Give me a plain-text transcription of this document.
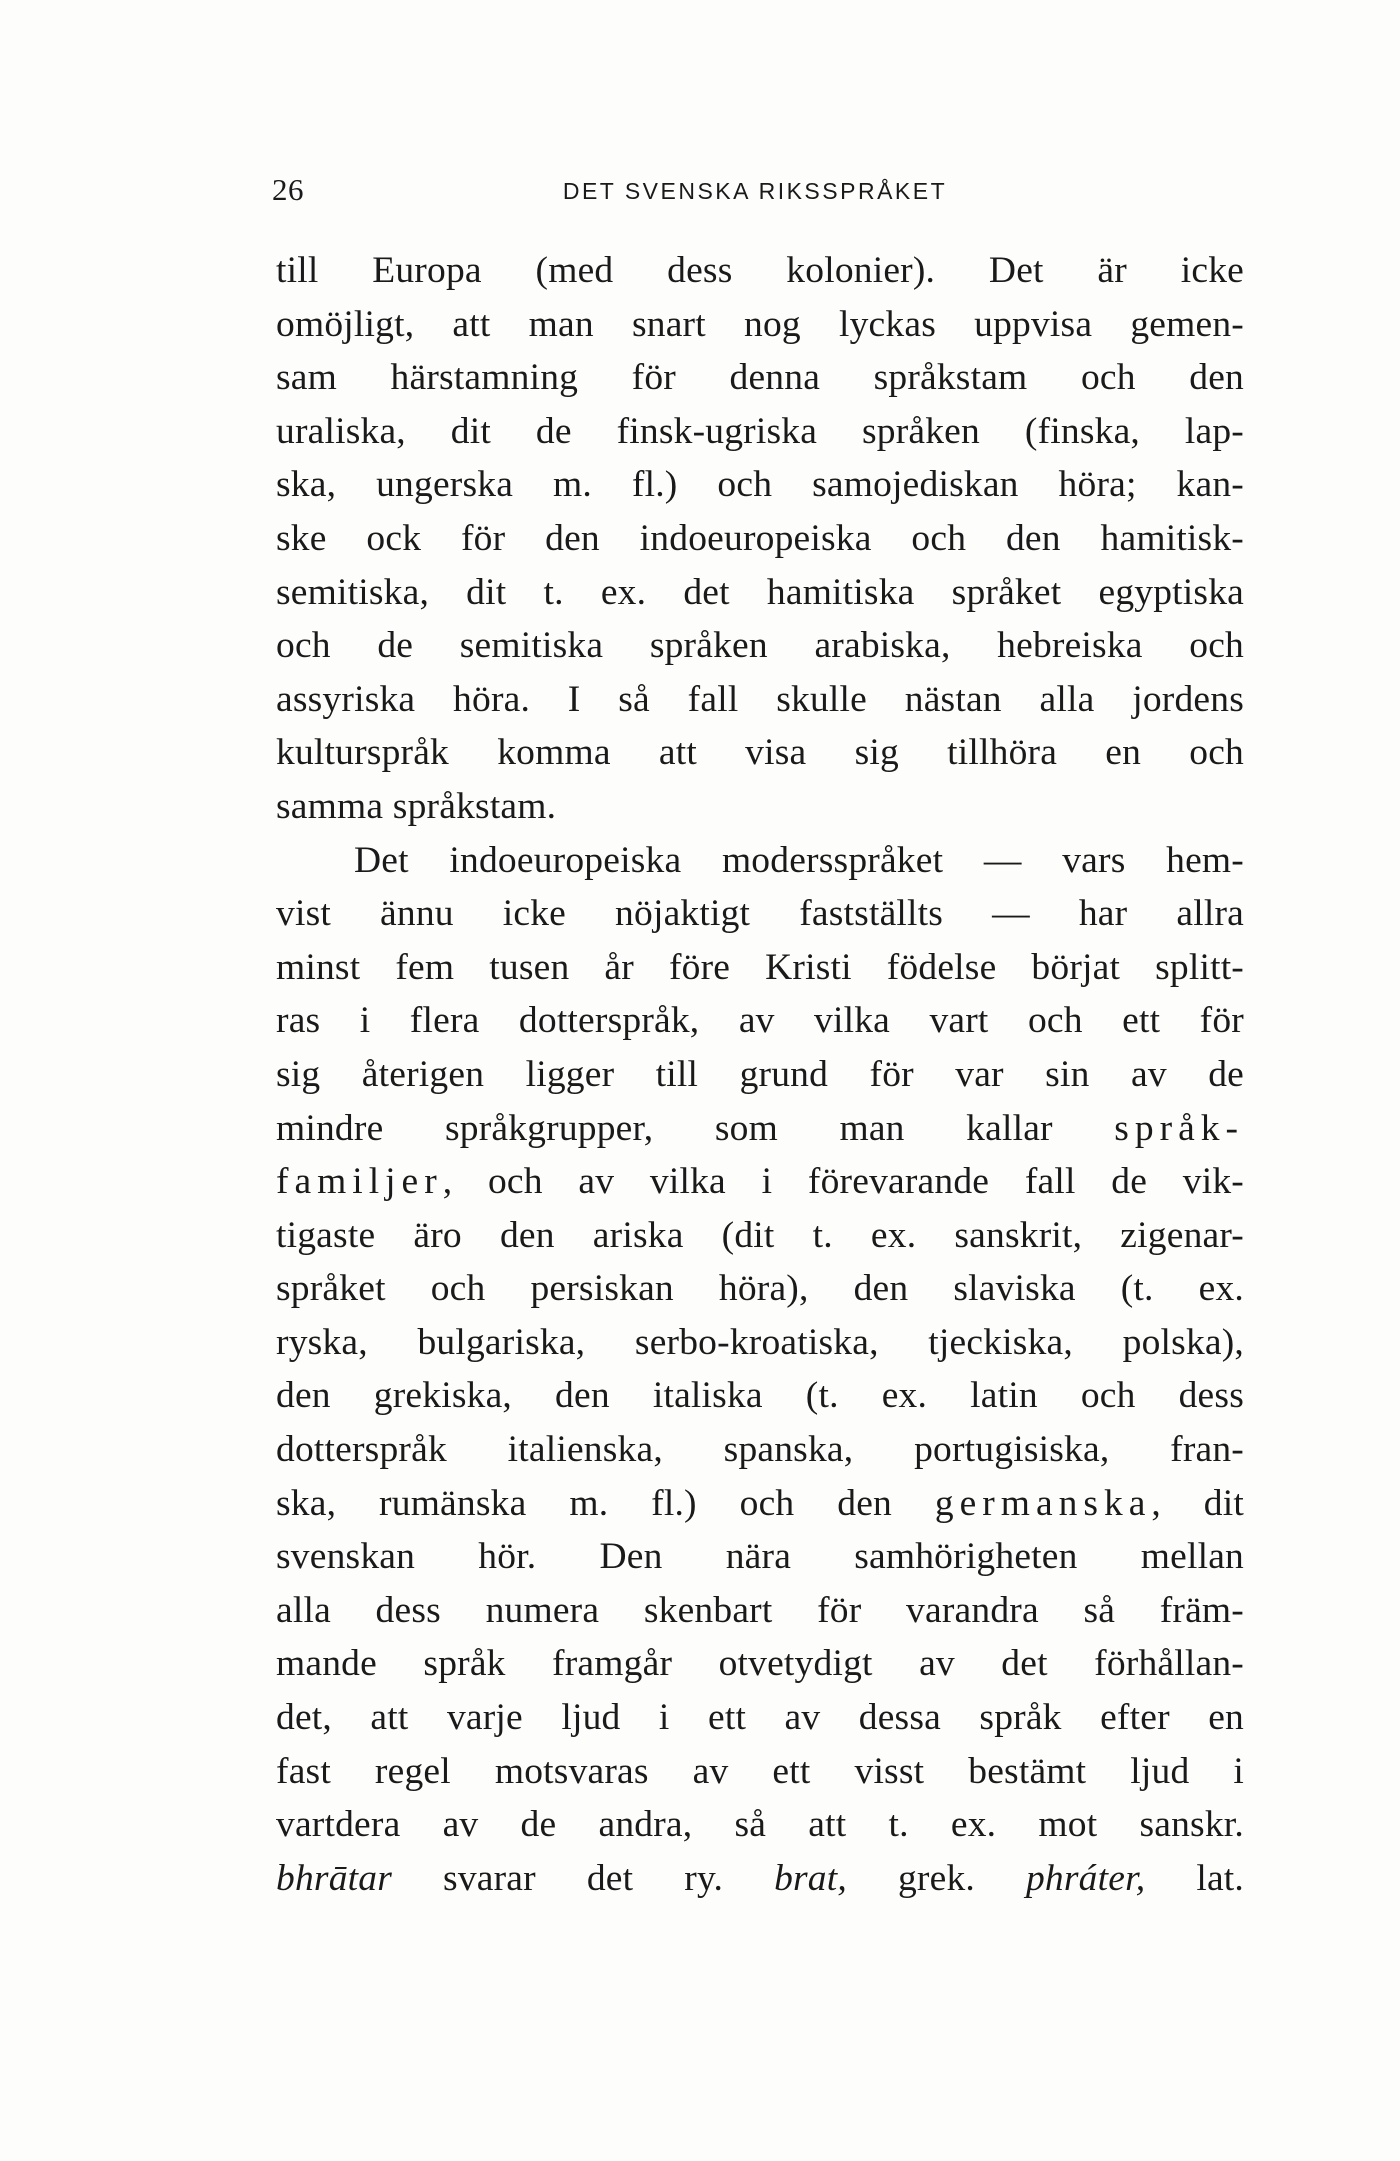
26	DET SVENSKA RIKSSPRÅKET
till Europa (med dess kolonier). Det är icke
omöjligt, att man snart nog lyckas uppvisa gemen-
sam härstamning för denna språkstam och den
uraliska, dit de finsk-ugriska språken (finska, lap-
ska, ungerska m. fl.) och samojediskan höra; kan-
ske ock för den indoeuropeiska och den hamitisk-
semitiska, dit t. ex. det hamitiska språket egyptiska
och de semitiska språken arabiska, hebreiska och
assyriska höra. I så fall skulle nästan alla jordens
kulturspråk komma att visa sig tillhöra en och
samma språkstam.
Det indoeuropeiska modersspråket — vars hem-
vist ännu icke nöjaktigt fastställts — har allra
minst fem tusen år före Kristi födelse börjat splitt-
ras i flera dotterspråk, av vilka vart och ett för
sig återigen ligger till grund för var sin av de
mindre språkgrupper, som man kallar språk-
familjer, och av vilka i förevarande fall de vik-
tigaste äro den ariska (dit t. ex. sanskrit, zigenar-
språket och persiskan höra), den slaviska (t. ex.
ryska, bulgariska, serbo-kroatiska, tjeckiska, polska),
den grekiska, den italiska (t. ex. latin och dess
dotterspråk italienska, spanska, portugisiska, fran-
ska, rumänska m. fl.) och den germanska, dit
svenskan hör. Den nära samhörigheten mellan
alla dess numera skenbart för varandra så främ-
mande språk framgår otvetydigt av det förhållan-
det, att varje ljud i ett av dessa språk efter en
fast regel motsvaras av ett visst bestämt ljud i
vartdera av de andra, så att t. ex. mot sanskr.
bhrātar svarar det ry. brat, grek. phráter, lat.
